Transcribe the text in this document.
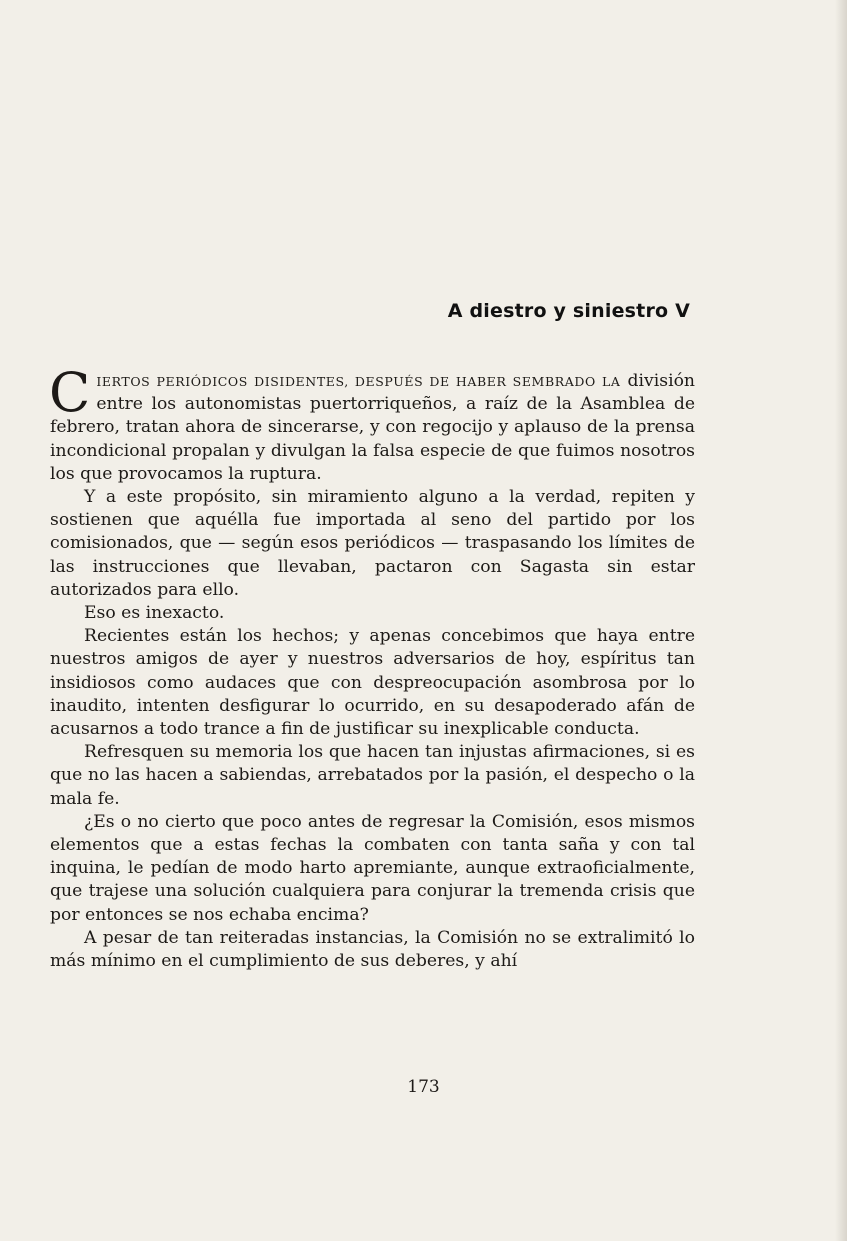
A diestro y siniestro V

CIERTOS PERIÓDICOS DISIDENTES, DESPUÉS DE HABER SEMBRADO LA división entre los autonomistas puertorriqueños, a raíz de la Asamblea de febrero, tratan ahora de sincerarse, y con regocijo y aplauso de la prensa incondicional propalan y divulgan la falsa especie de que fuimos nosotros los que provocamos la ruptura.

Y a este propósito, sin miramiento alguno a la verdad, repiten y sostienen que aquélla fue importada al seno del partido por los comisionados, que — según esos periódicos — traspasando los límites de las instrucciones que llevaban, pactaron con Sagasta sin estar autorizados para ello.

Eso es inexacto.

Recientes están los hechos; y apenas concebimos que haya entre nuestros amigos de ayer y nuestros adversarios de hoy, espíritus tan insidiosos como audaces que con despreocupación asombrosa por lo inaudito, intenten desfigurar lo ocurrido, en su desapoderado afán de acusarnos a todo trance a fin de justificar su inexplicable conducta.

Refresquen su memoria los que hacen tan injustas afirmaciones, si es que no las hacen a sabiendas, arrebatados por la pasión, el despecho o la mala fe.

¿Es o no cierto que poco antes de regresar la Comisión, esos mismos elementos que a estas fechas la combaten con tanta saña y con tal inquina, le pedían de modo harto apremiante, aunque extraoficialmente, que trajese una solución cualquiera para conjurar la tremenda crisis que por entonces se nos echaba encima?

A pesar de tan reiteradas instancias, la Comisión no se extralimitó lo más mínimo en el cumplimiento de sus deberes, y ahí

173
